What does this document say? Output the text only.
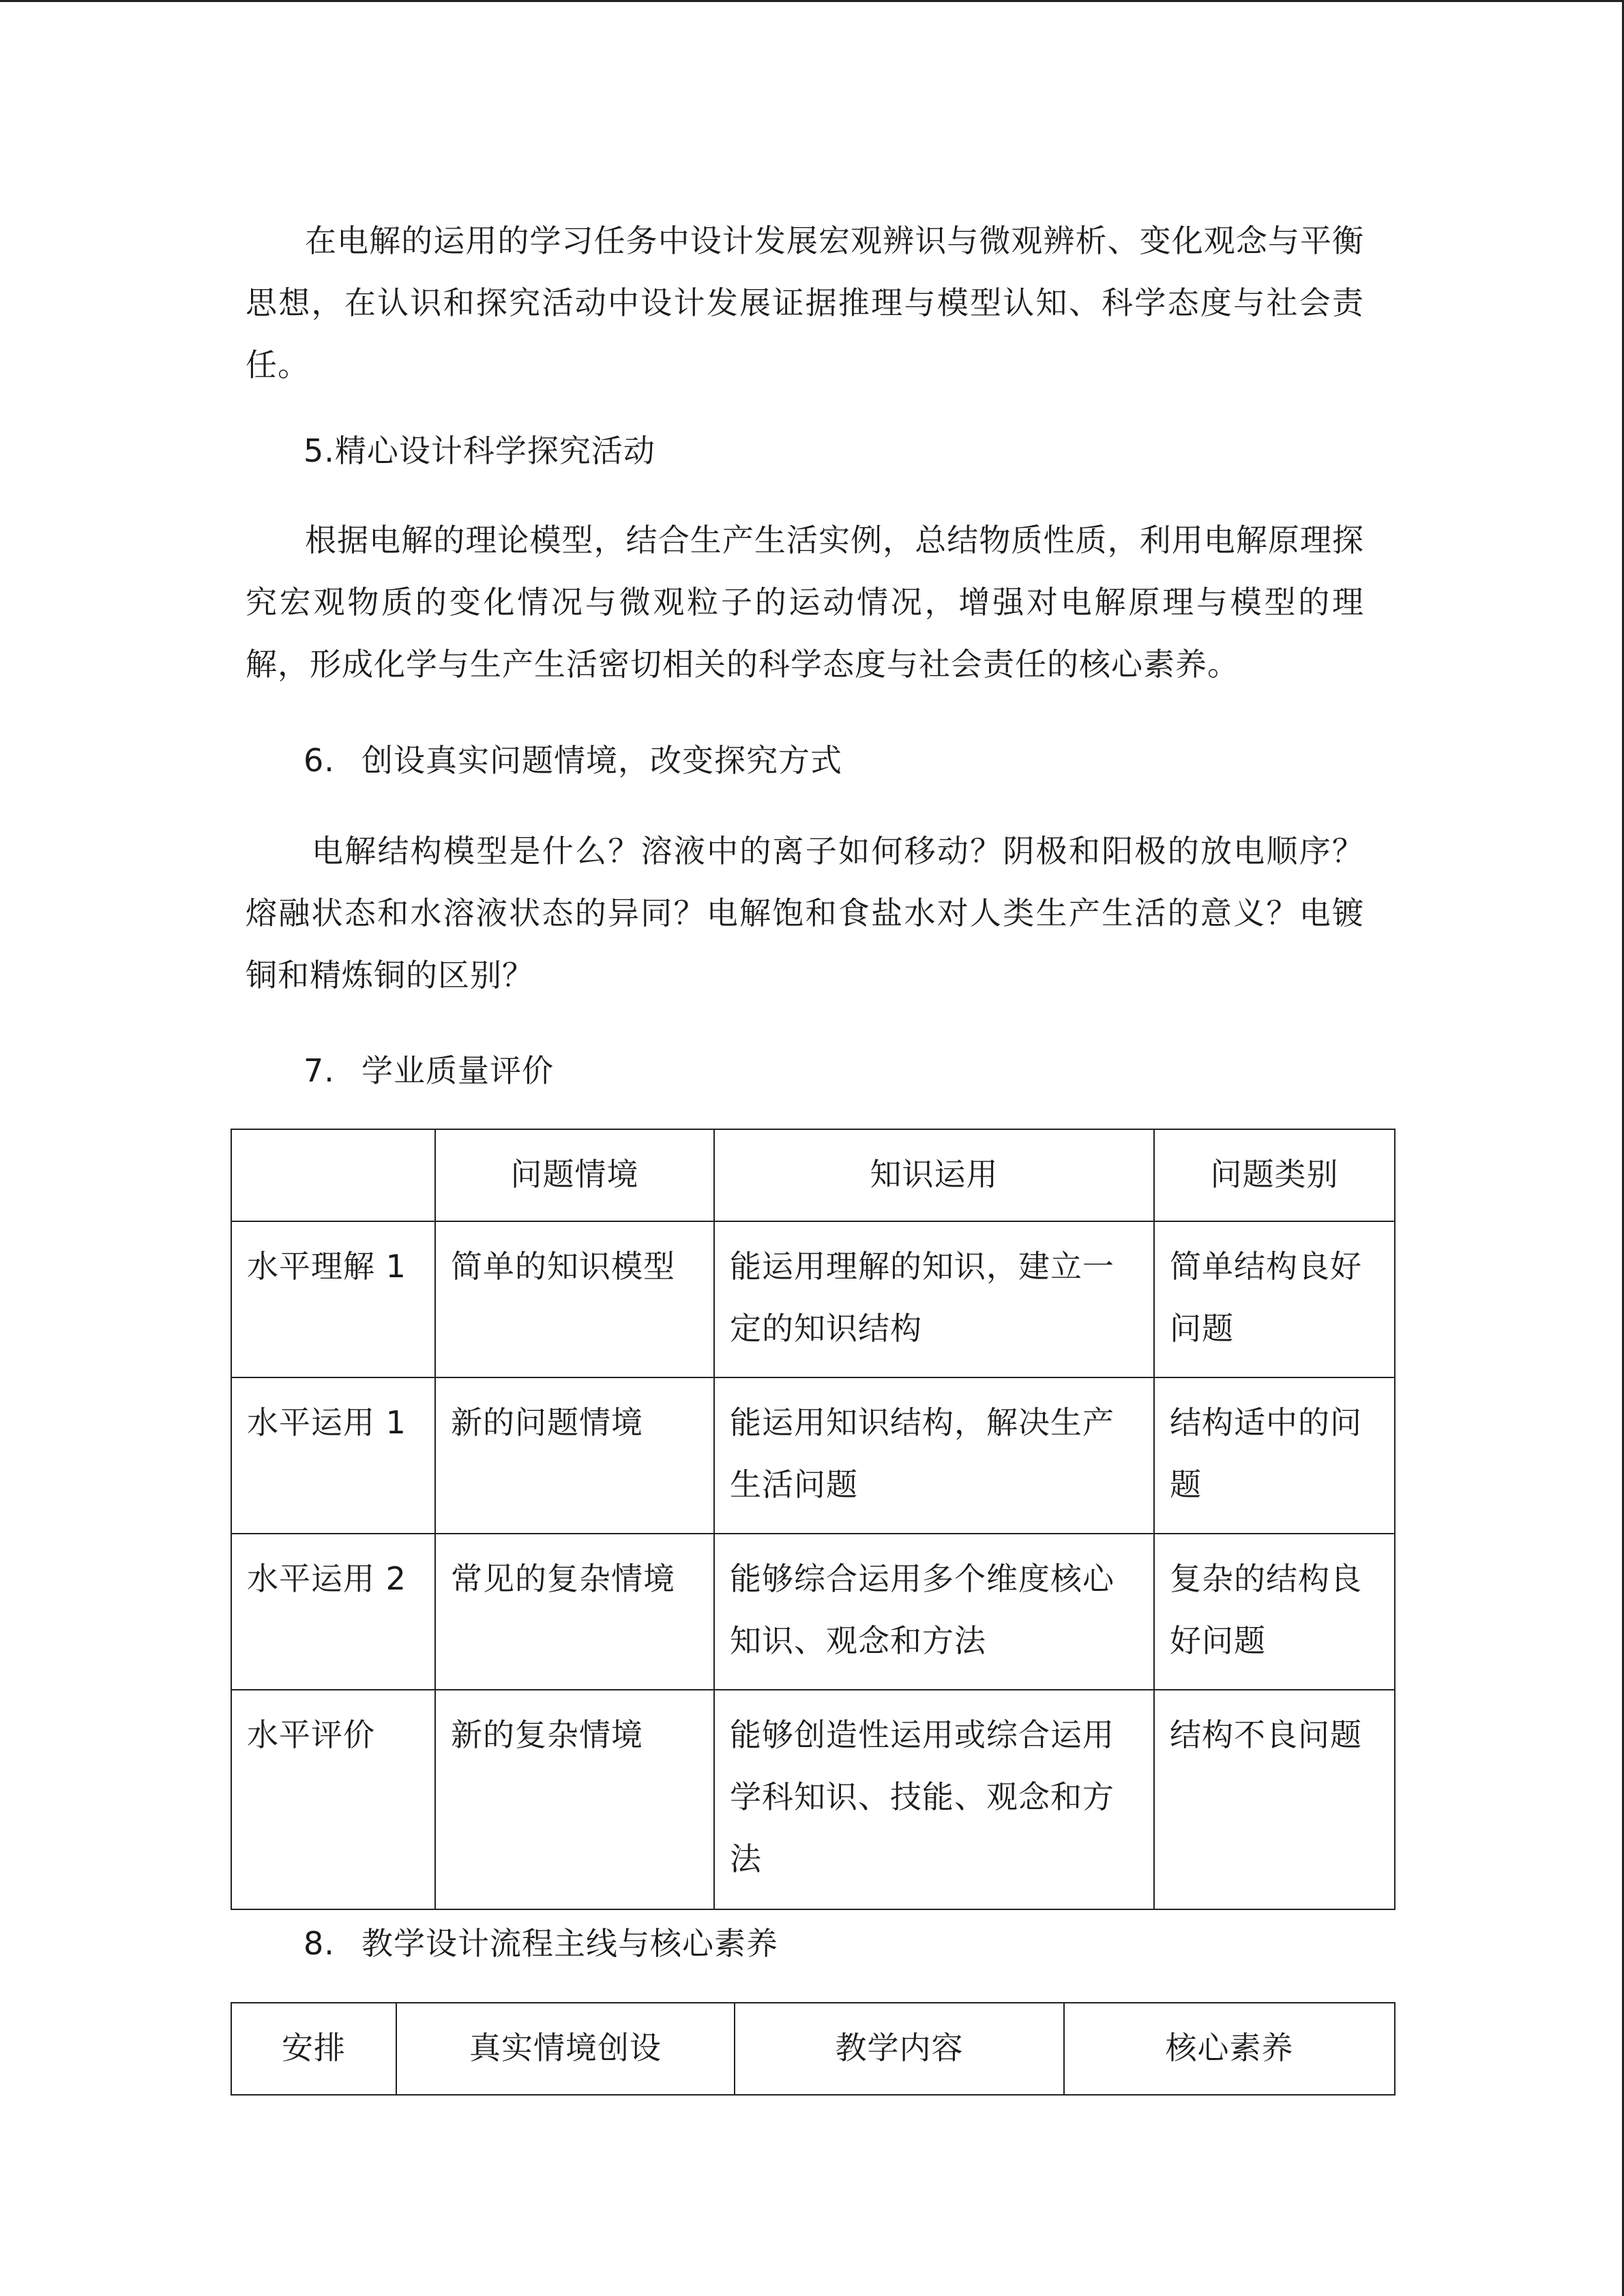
在电解的运用的学习任务中设计发展宏观辨识与微观辨析、变化观念与平衡思想，在认识和探究活动中设计发展证据推理与模型认知、科学态度与社会责任。

5.精心设计科学探究活动

根据电解的理论模型，结合生产生活实例，总结物质性质，利用电解原理探究宏观物质的变化情况与微观粒子的运动情况，增强对电解原理与模型的理解，形成化学与生产生活密切相关的科学态度与社会责任的核心素养。

6. 创设真实问题情境，改变探究方式

电解结构模型是什么？溶液中的离子如何移动？阴极和阳极的放电顺序？熔融状态和水溶液状态的异同？电解饱和食盐水对人类生产生活的意义？电镀铜和精炼铜的区别？

7. 学业质量评价

	问题情境	知识运用	问题类别
水平理解 1	简单的知识模型	能运用理解的知识，建立一定的知识结构	简单结构良好问题
水平运用 1	新的问题情境	能运用知识结构，解决生产生活问题	结构适中的问题
水平运用 2	常见的复杂情境	能够综合运用多个维度核心知识、观念和方法	复杂的结构良好问题
水平评价	新的复杂情境	能够创造性运用或综合运用学科知识、技能、观念和方法	结构不良问题

8. 教学设计流程主线与核心素养

安排	真实情境创设	教学内容	核心素养
